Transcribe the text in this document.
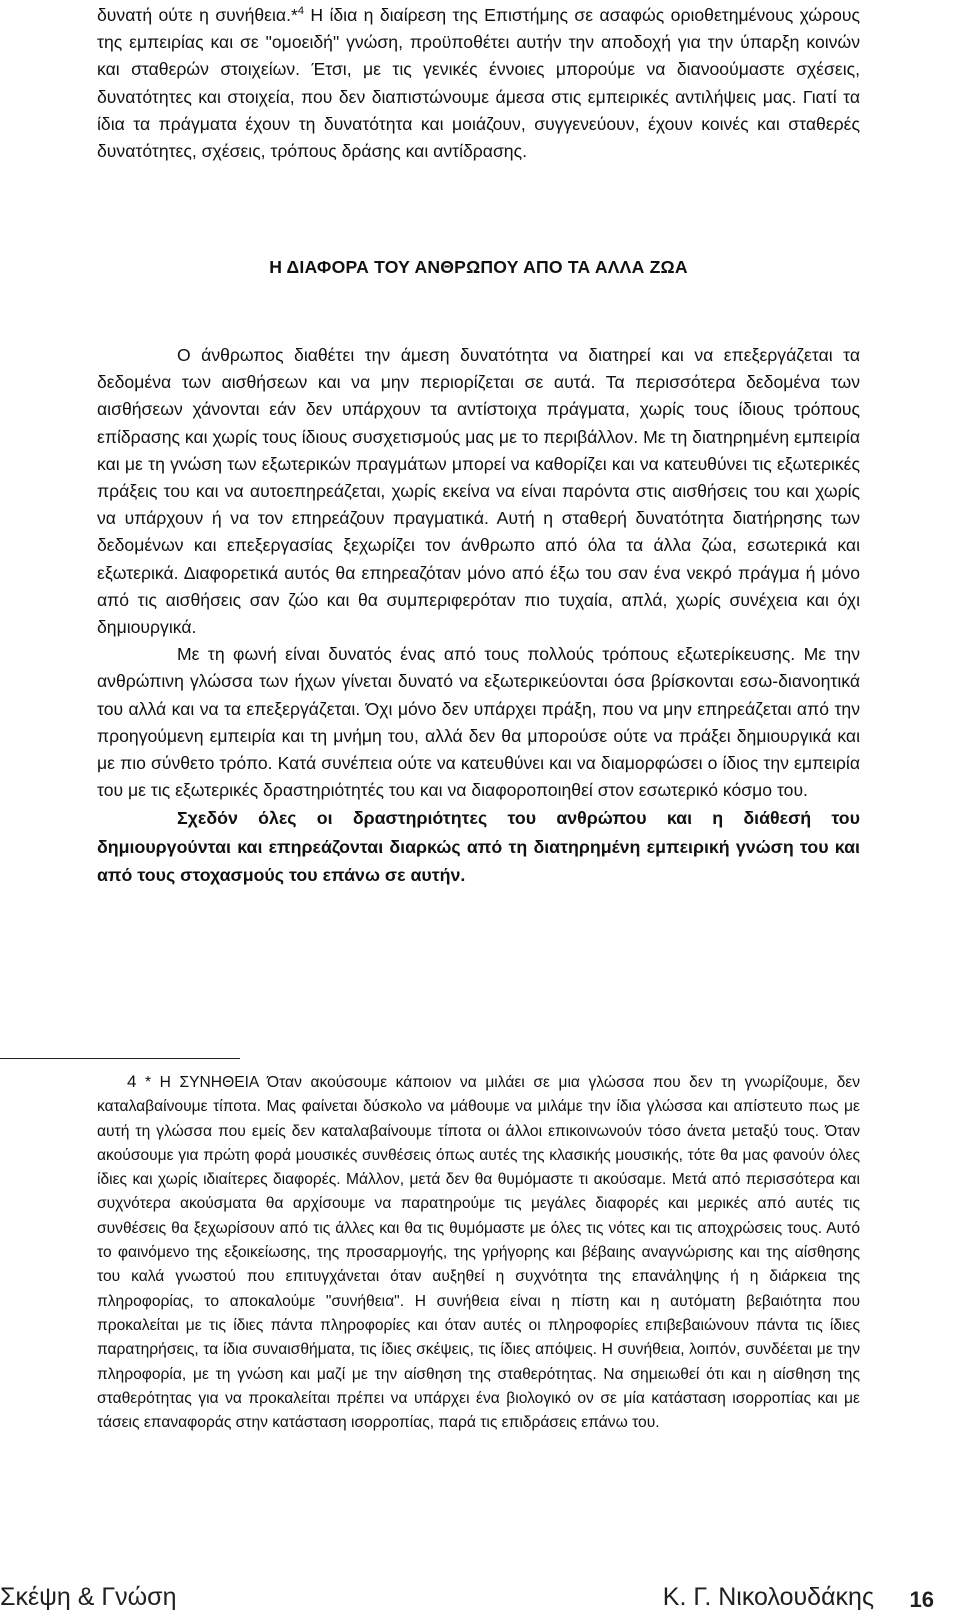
δυνατή ούτε η συνήθεια.*$^4$ Η ίδια η διαίρεση της Επιστήμης σε ασαφώς οριοθετημένους χώρους της εμπειρίας και σε "ομοειδή" γνώση, προϋποθέτει αυτήν την αποδοχή για την ύπαρξη κοινών και σταθερών στοιχείων. Έτσι, με τις γενικές έννοιες μπορούμε να διανοούμαστε σχέσεις, δυνατότητες και στοιχεία, που δεν διαπιστώνουμε άμεσα στις εμπειρικές αντιλήψεις μας. Γιατί τα ίδια τα πράγματα έχουν τη δυνατότητα και μοιάζουν, συγγενεύουν, έχουν κοινές και σταθερές δυνατότητες, σχέσεις, τρόπους δράσης και αντίδρασης.

Η ΔΙΑΦΟΡΑ ΤΟΥ ΑΝΘΡΩΠΟΥ ΑΠΟ ΤΑ ΑΛΛΑ ΖΩΑ

Ο άνθρωπος διαθέτει την άμεση δυνατότητα να διατηρεί και να επεξεργάζεται τα δεδομένα των αισθήσεων και να μην περιορίζεται σε αυτά. Τα περισσότερα δεδομένα των αισθήσεων χάνονται εάν δεν υπάρχουν τα αντίστοιχα πράγματα, χωρίς τους ίδιους τρόπους επίδρασης και χωρίς τους ίδιους συσχετισμούς μας με το περιβάλλον. Με τη διατηρημένη εμπειρία και με τη γνώση των εξωτερικών πραγμάτων μπορεί να καθορίζει και να κατευθύνει τις εξωτερικές πράξεις του και να αυτοεπηρεάζεται, χωρίς εκείνα να είναι παρόντα στις αισθήσεις του και χωρίς να υπάρχουν ή να τον επηρεάζουν πραγματικά. Αυτή η σταθερή δυνατότητα διατήρησης των δεδομένων και επεξεργασίας ξεχωρίζει τον άνθρωπο από όλα τα άλλα ζώα, εσωτερικά και εξωτερικά. Διαφορετικά αυτός θα επηρεαζόταν μόνο από έξω του σαν ένα νεκρό πράγμα ή μόνο από τις αισθήσεις σαν ζώο και θα συμπεριφερόταν πιο τυχαία, απλά, χωρίς συνέχεια και όχι δημιουργικά.

Με τη φωνή είναι δυνατός ένας από τους πολλούς τρόπους εξωτερίκευσης. Με την ανθρώπινη γλώσσα των ήχων γίνεται δυνατό να εξωτερικεύονται όσα βρίσκονται εσω-διανοητικά του αλλά και να τα επεξεργάζεται. Όχι μόνο δεν υπάρχει πράξη, που να μην επηρεάζεται από την προηγούμενη εμπειρία και τη μνήμη του, αλλά δεν θα μπορούσε ούτε να πράξει δημιουργικά και με πιο σύνθετο τρόπο. Κατά συνέπεια ούτε να κατευθύνει και να διαμορφώσει ο ίδιος την εμπειρία του με τις εξωτερικές δραστηριότητές του και να διαφοροποιηθεί στον εσωτερικό κόσμο του.

Σχεδόν όλες οι δραστηριότητες του ανθρώπου και η διάθεσή του δημιουργούνται και επηρεάζονται διαρκώς από τη διατηρημένη εμπειρική γνώση του και από τους στοχασμούς του επάνω σε αυτήν.

4 * Η ΣΥΝΗΘΕΙΑ Όταν ακούσουμε κάποιον να μιλάει σε μια γλώσσα που δεν τη γνωρίζουμε, δεν καταλαβαίνουμε τίποτα. Μας φαίνεται δύσκολο να μάθουμε να μιλάμε την ίδια γλώσσα και απίστευτο πως με αυτή τη γλώσσα που εμείς δεν καταλαβαίνουμε τίποτα οι άλλοι επικοινωνούν τόσο άνετα μεταξύ τους. Όταν ακούσουμε για πρώτη φορά μουσικές συνθέσεις όπως αυτές της κλασικής μουσικής, τότε θα μας φανούν όλες ίδιες και χωρίς ιδιαίτερες διαφορές. Μάλλον, μετά δεν θα θυμόμαστε τι ακούσαμε. Μετά από περισσότερα και συχνότερα ακούσματα θα αρχίσουμε να παρατηρούμε τις μεγάλες διαφορές και μερικές από αυτές τις συνθέσεις θα ξεχωρίσουν από τις άλλες και θα τις θυμόμαστε με όλες τις νότες και τις αποχρώσεις τους. Αυτό το φαινόμενο της εξοικείωσης, της προσαρμογής, της γρήγορης και βέβαιης αναγνώρισης και της αίσθησης του καλά γνωστού που επιτυγχάνεται όταν αυξηθεί η συχνότητα της επανάληψης ή η διάρκεια της πληροφορίας, το αποκαλούμε "συνήθεια". Η συνήθεια είναι η πίστη και η αυτόματη βεβαιότητα που προκαλείται με τις ίδιες πάντα πληροφορίες και όταν αυτές οι πληροφορίες επιβεβαιώνουν πάντα τις ίδιες παρατηρήσεις, τα ίδια συναισθήματα, τις ίδιες σκέψεις, τις ίδιες απόψεις. Η συνήθεια, λοιπόν, συνδέεται με την πληροφορία, με τη γνώση και μαζί με την αίσθηση της σταθερότητας. Να σημειωθεί ότι και η αίσθηση της σταθερότητας για να προκαλείται πρέπει να υπάρχει ένα βιολογικό ον σε μία κατάσταση ισορροπίας και με τάσεις επαναφοράς στην κατάσταση ισορροπίας, παρά τις επιδράσεις επάνω του.

Σκέψη & Γνώση	Κ. Γ. Νικολουδάκης 16
